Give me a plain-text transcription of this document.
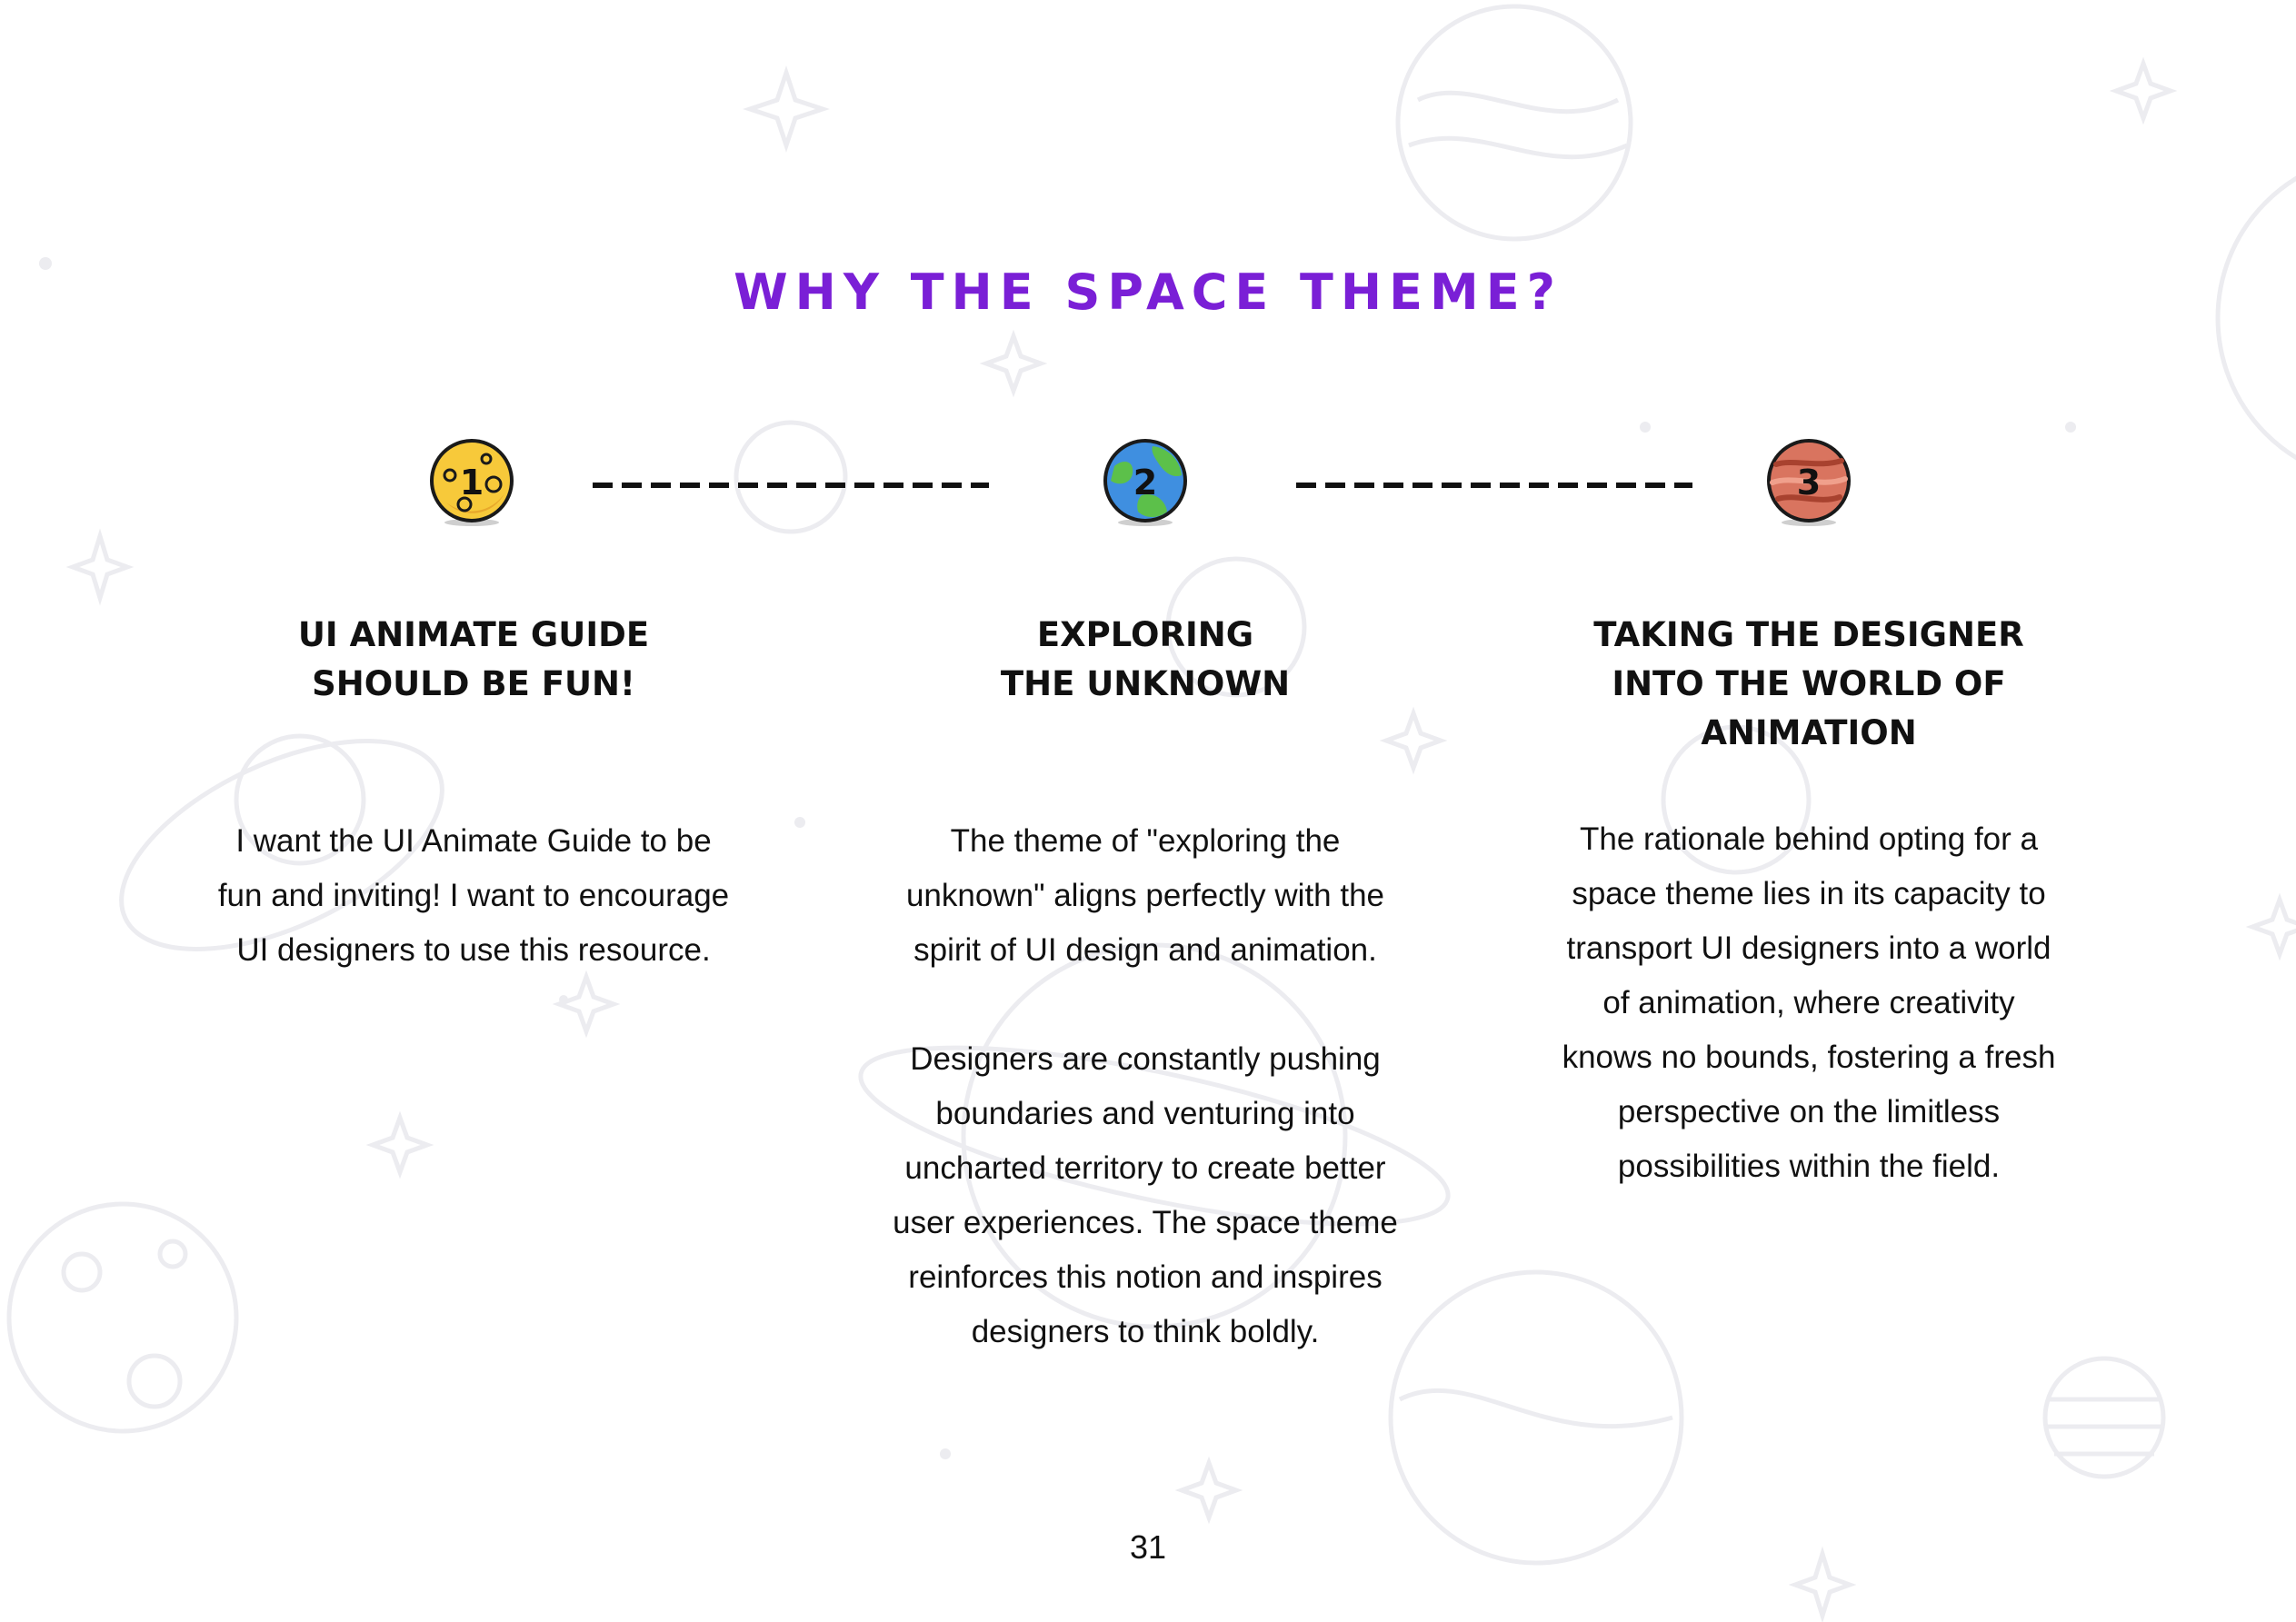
WHY THE SPACE THEME?
1	2	3
UI ANIMATE GUIDE
SHOULD BE FUN!

I want the UI Animate Guide to be
fun and inviting! I want to encourage
UI designers to use this resource.

EXPLORING
THE UNKNOWN

The theme of "exploring the
unknown" aligns perfectly with the
spirit of UI design and animation.

Designers are constantly pushing
boundaries and venturing into
uncharted territory to create better
user experiences. The space theme
reinforces this notion and inspires
designers to think boldly.

TAKING THE DESIGNER
INTO THE WORLD OF
ANIMATION

The rationale behind opting for a
space theme lies in its capacity to
transport UI designers into a world
of animation, where creativity
knows no bounds, fostering a fresh
perspective on the limitless
possibilities within the field.

31
